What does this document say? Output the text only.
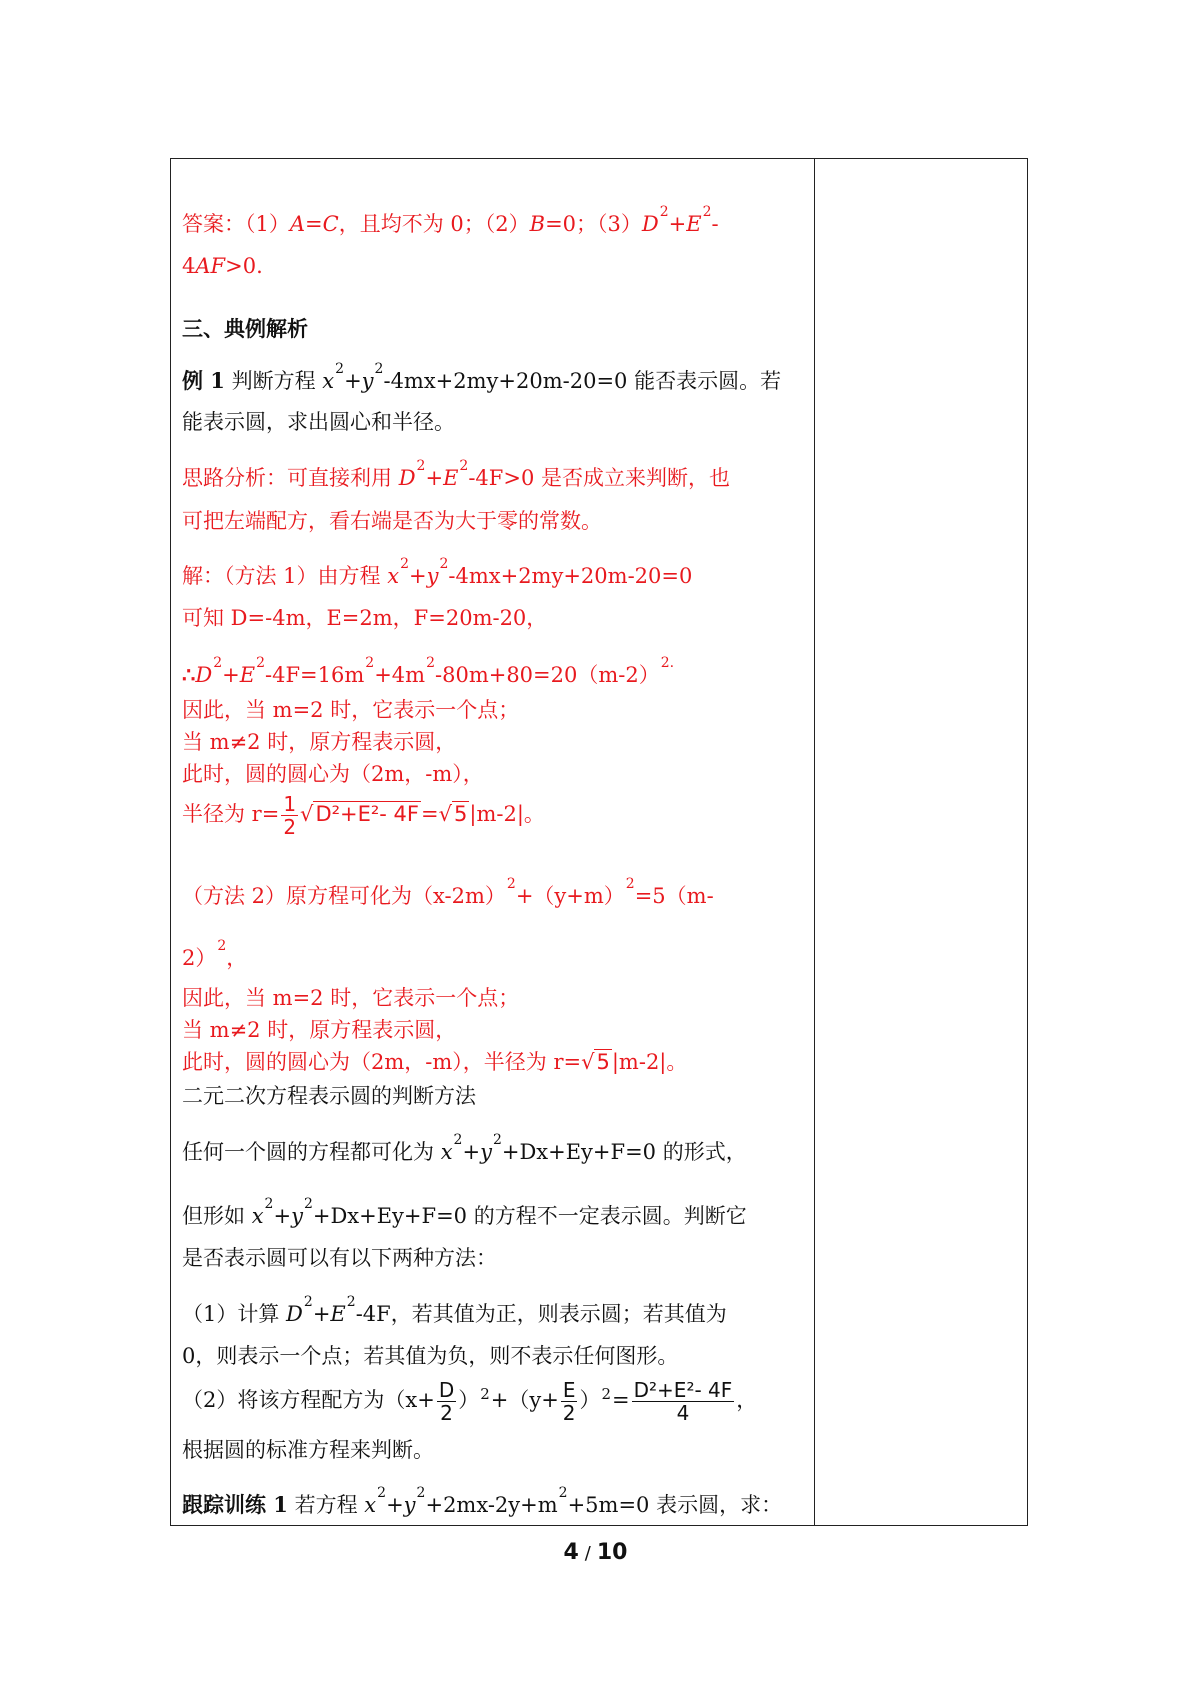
答案：（1）A=C，且均不为 0；（2）B=0；$(3)D^2+E^2-$
4AF>0.
三、典例解析
例 1 判断方程 $x^2+y^2-4mx+2my+20m-20=0$ 能否表示圆。若
能表示圆，求出圆心和半径。
思路分析：可直接利用 $D^2+E^2-4F>0$ 是否成立来判断，也
可把左端配方，看右端是否为大于零的常数。
解：（方法 1）由方程 $x^2+y^2-4mx+2my+20m-20=0$
可知 D=-4m，E=2m，F=20m-20，
$\therefore D^2+E^2-4F=16m^2+4m^2-80m+80=20(m-2)^{2.}$
因此，当 m=2 时，它表示一个点；
当 m≠2 时，原方程表示圆，
此时，圆的圆心为（2m，-m），
半径为 $r= \frac{1}{2} √D^2+E^2-$ 4F=√5|m-2|。
（方法 2）原方程可化为$(x-2m)^2+(y+m)^2=5(m-$
2）$^2$，
因此，当 m=2 时，它表示一个点；
当 m≠2 时，原方程表示圆，
此时，圆的圆心为（2m，-m），半径为 r=√5|m-2|。
二元二次方程表示圆的判断方法
任何一个圆的方程都可化为 $x^2+y^2+Dx+Ey+F=0$ 的形式，
但形如 $x^2+y^2+Dx+Ey+F=0$ 的方程不一定表示圆。判断它
是否表示圆可以有以下两种方法：
（1）计算 $D^2+E^2-4F$，若其值为正，则表示圆；若其值为
0，则表示一个点；若其值为负，则不表示任何图形。
（2）将该方程配方为$(x+ \frac{D}{2} )^2+(y+ \frac{E}{2} )^2= \frac{\text{D²+E²- 4F}}{4}$ ，
根据圆的标准方程来判断。
跟踪训练 1 若方程 $x^2+y^2+2mx-2y+m^2+5m=0$ 表示圆，求：
4 / 10
